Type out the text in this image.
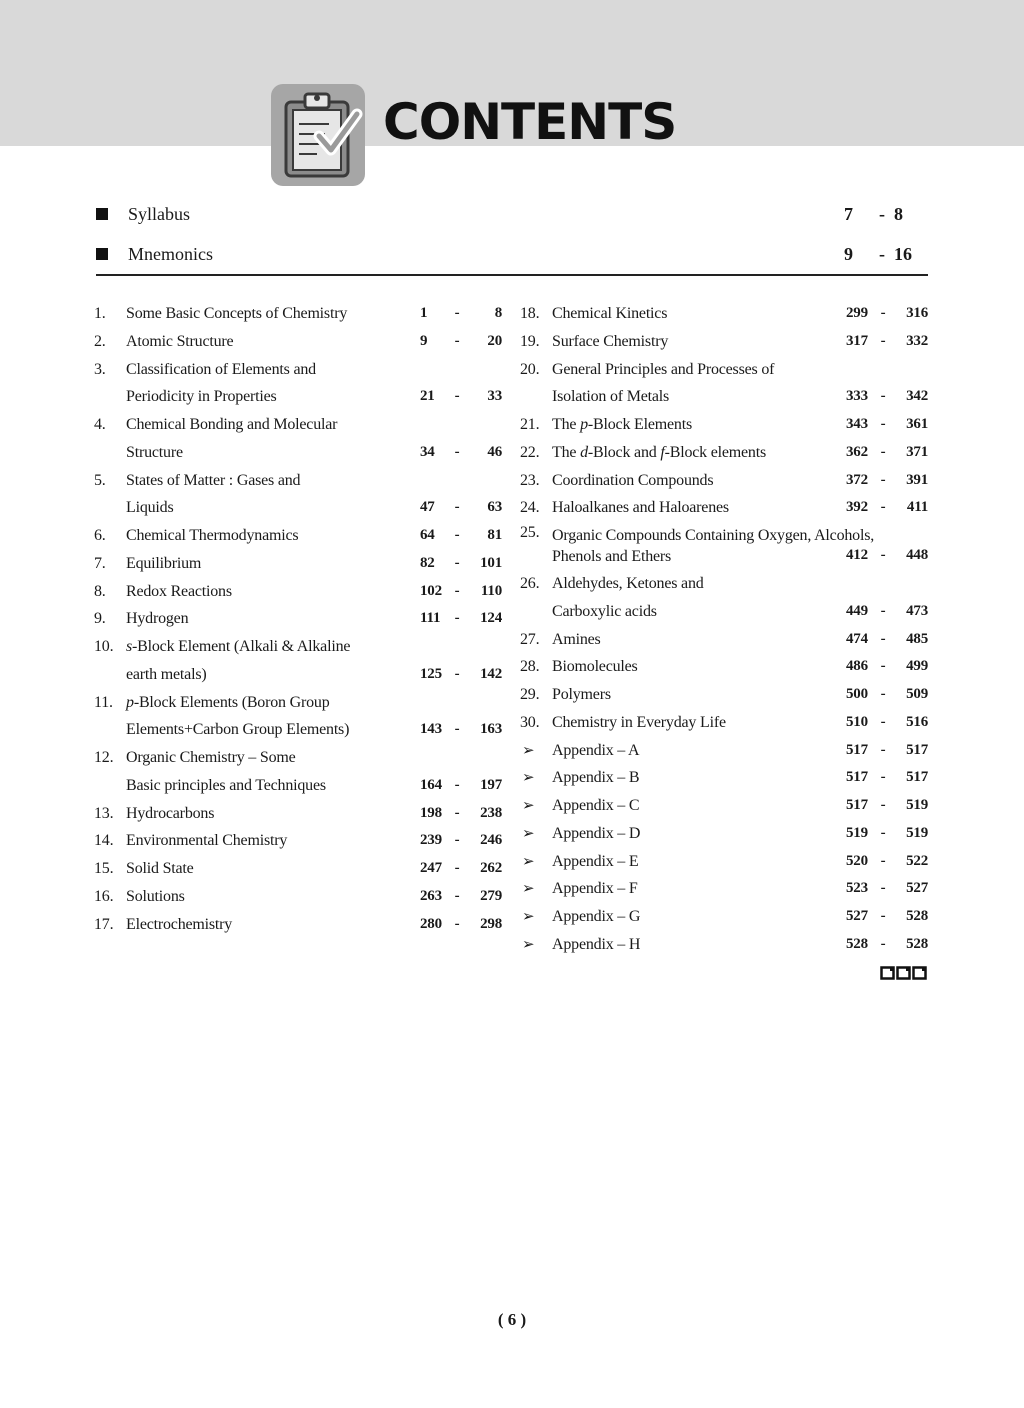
CONTENTS
Syllabus	7	- 8
Mnemonics	9	- 16
1. Some Basic Concepts of Chemistry	1	-	8
2. Atomic Structure	9	-	20
3. Classification of Elements and
Periodicity in Properties	21	-	33
4. Chemical Bonding and Molecular
Structure	34	-	46
5. States of Matter : Gases and
Liquids	47	-	63
6. Chemical Thermodynamics	64	-	81
7. Equilibrium	82	-	101
8. Redox Reactions	102 -	110
9. Hydrogen	111 -	124
10. s-Block Element (Alkali & Alkaline
earth metals)	125 -	142
11. p-Block Elements (Boron Group
Elements+Carbon Group Elements)	143 -	163
12. Organic Chemistry – Some
Basic principles and Techniques	164 -	197
13. Hydrocarbons	198 -	238
14. Environmental Chemistry	239 -	246
15. Solid State	247 -	262
16. Solutions	263 -	279
17. Electrochemistry	280 -	298
18. Chemical Kinetics	299 -	316
19. Surface Chemistry	317 -	332
20. General Principles and Processes of
Isolation of Metals	333 -	342
21. The p-Block Elements	343 -	361
22. The d-Block and f-Block elements	362 -	371
23. Coordination Compounds	372 -	391
24. Haloalkanes and Haloarenes	392 -	411
25. Organic Compounds Containing Oxygen, Alcohols,
Phenols and Ethers	412 -	448
26. Aldehydes, Ketones and
Carboxylic acids	449 -	473
27. Amines	474 -	485
28. Biomolecules	486 -	499
29. Polymers	500 -	509
30. Chemistry in Everyday Life	510 -	516
➢ Appendix – A	517 -	517
➢ Appendix – B	517 -	517
➢ Appendix – C	517 -	519
➢ Appendix – D	519 -	519
➢ Appendix – E	520 -	522
➢ Appendix – F	523 -	527
➢ Appendix – G	527 -	528
➢ Appendix – H	528 -	528
( 6 )
